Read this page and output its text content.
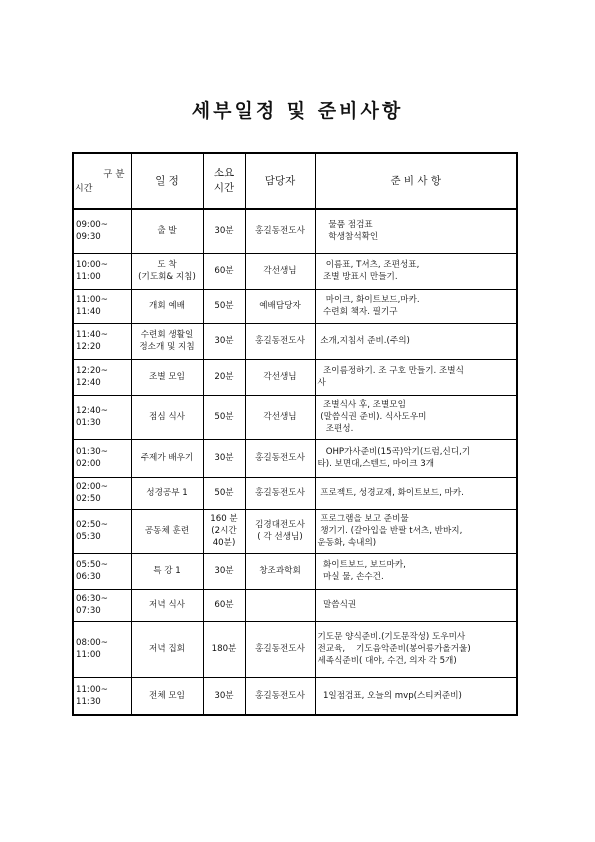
세부일정 및 준비사항
구 분
시간	일 정	소요
시간	담당자	준 비 사 항

09:00~
09:30	출 발	30분	홍길동전도사	물품 점검표
학생참석확인

10:00~
11:00	도 착
(기도회& 지침)	60분	각선생님	이름표, T셔츠, 조편성표,
조별 방표시 만들기.

11:00~
11:40	개회 예배	50분	예배담당자	마이크, 화이트보드,마카.
수련회 책자. 필기구

11:40~
12:20	수련회 생활일
정소개 및 지침	30분	홍길동전도사	소개,지침서 준비.(주의)

12:20~
12:40	조별 모임	20분	각선생님	조이름정하기. 조 구호 만들기. 조별식
사

12:40~
01:30	점심 식사	50분	각선생님	조별식사 후, 조별모임
(말씀식권 준비). 식사도우미
조편성.

01:30~
02:00	주제가 배우기	30분	홍길동전도사	OHP가사준비(15곡)악기(드럼,신디,기
타). 보면대,스텐드, 마이크 3개

02:00~
02:50	성경공부 1	50분	홍길동전도사	프로젝트, 성경교재, 화이트보드, 마카.

02:50~
05:30	공동체 훈련	160 분
(2시간
40분)	김경대전도사
( 각 선생님)	프로그램을 보고 준비물
챙기기. (갈아입을 반팔 t셔츠, 반바지,
운동화, 속내의)

05:50~
06:30	특 강 1	30분	창조과학회	화이트보드, 보드마카,
마실 물, 손수건.

06:30~
07:30	저녁 식사	60분		말씀식권

08:00~
11:00	저녁 집회	180분	홍길동전도사	기도문 양식준비.(기도문작성) 도우미사
전교육,    기도음악준비(봉어릉가올거울)
세족식준비( 대야, 수건, 의자 각 5개)

11:00~
11:30	전체 모임	30분	홍길동전도사	1일점검표, 오늘의 mvp(스티커준비)
